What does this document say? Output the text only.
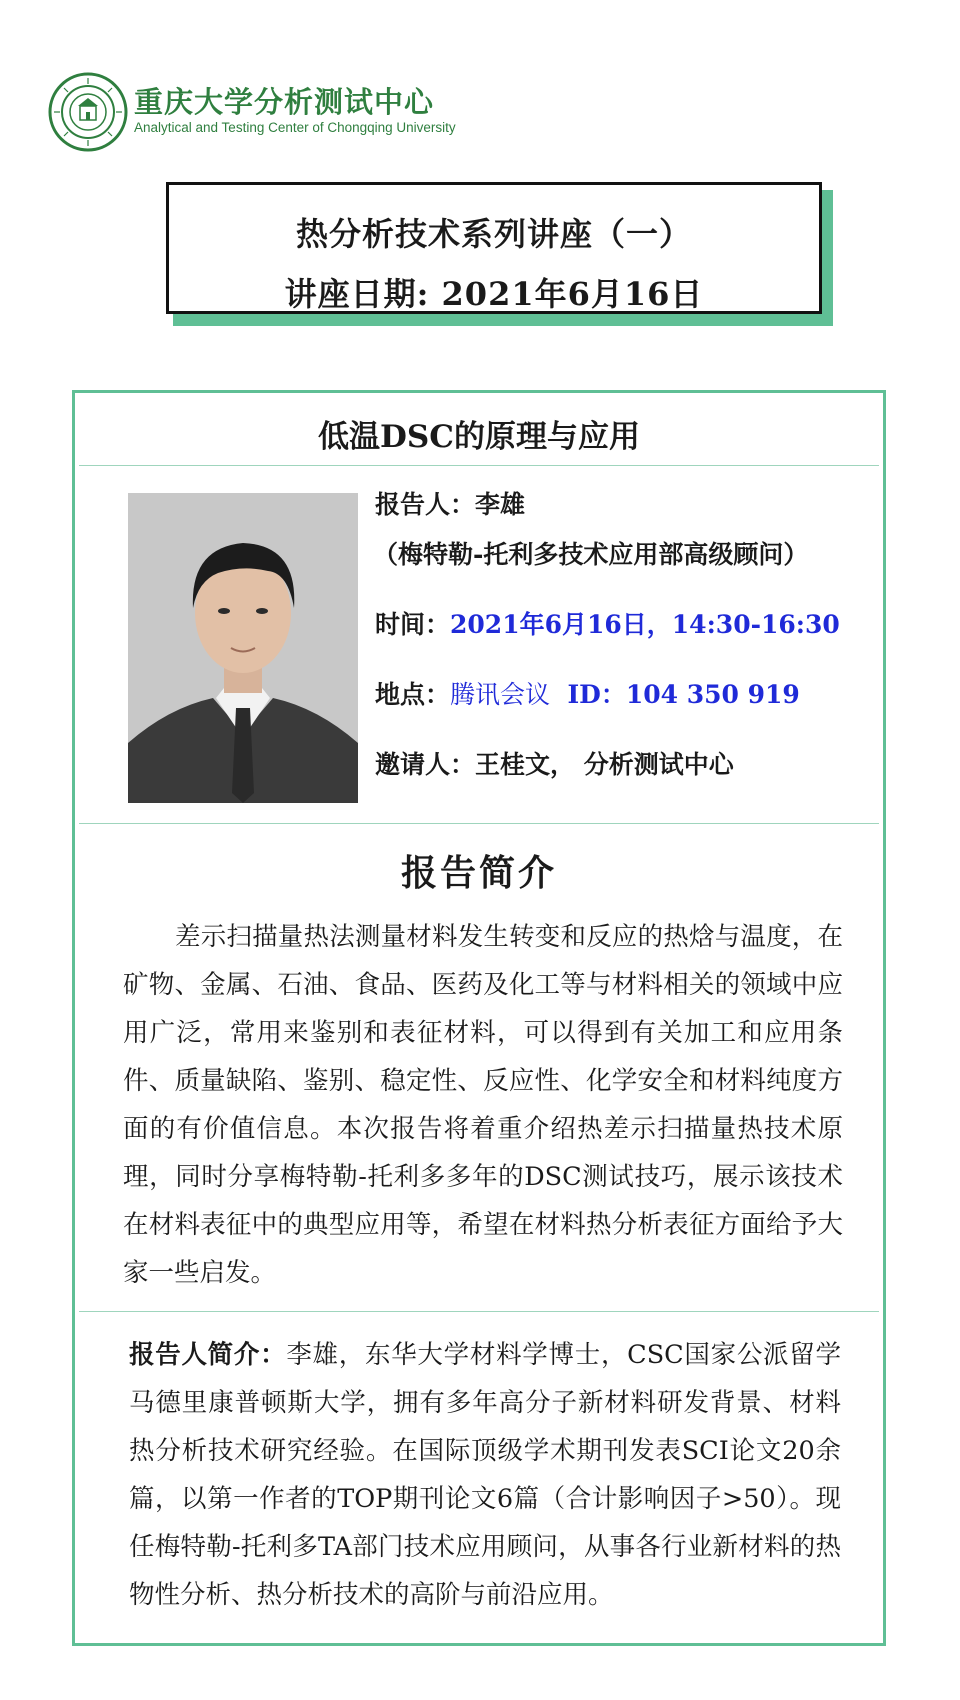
重庆大学分析测试中心
Analytical and Testing Center of Chongqing University
热分析技术系列讲座（一）
讲座日期: 2021年6月16日
低温DSC的原理与应用
报告人：李雄
（梅特勒-托利多技术应用部高级顾问）
时间：2021年6月16日，14:30-16:30
地点：腾讯会议 ID：104 350 919
邀请人：王桂文， 分析测试中心
报告简介
差示扫描量热法测量材料发生转变和反应的热焓与温度，在矿物、金属、石油、食品、医药及化工等与材料相关的领域中应用广泛，常用来鉴别和表征材料，可以得到有关加工和应用条件、质量缺陷、鉴别、稳定性、反应性、化学安全和材料纯度方面的有价值信息。本次报告将着重介绍热差示扫描量热技术原理，同时分享梅特勒-托利多多年的DSC测试技巧，展示该技术在材料表征中的典型应用等，希望在材料热分析表征方面给予大家一些启发。
报告人简介：李雄，东华大学材料学博士，CSC国家公派留学马德里康普顿斯大学，拥有多年高分子新材料研发背景、材料热分析技术研究经验。在国际顶级学术期刊发表SCI论文20余篇，以第一作者的TOP期刊论文6篇（合计影响因子>50）。现任梅特勒-托利多TA部门技术应用顾问，从事各行业新材料的热物性分析、热分析技术的高阶与前沿应用。
